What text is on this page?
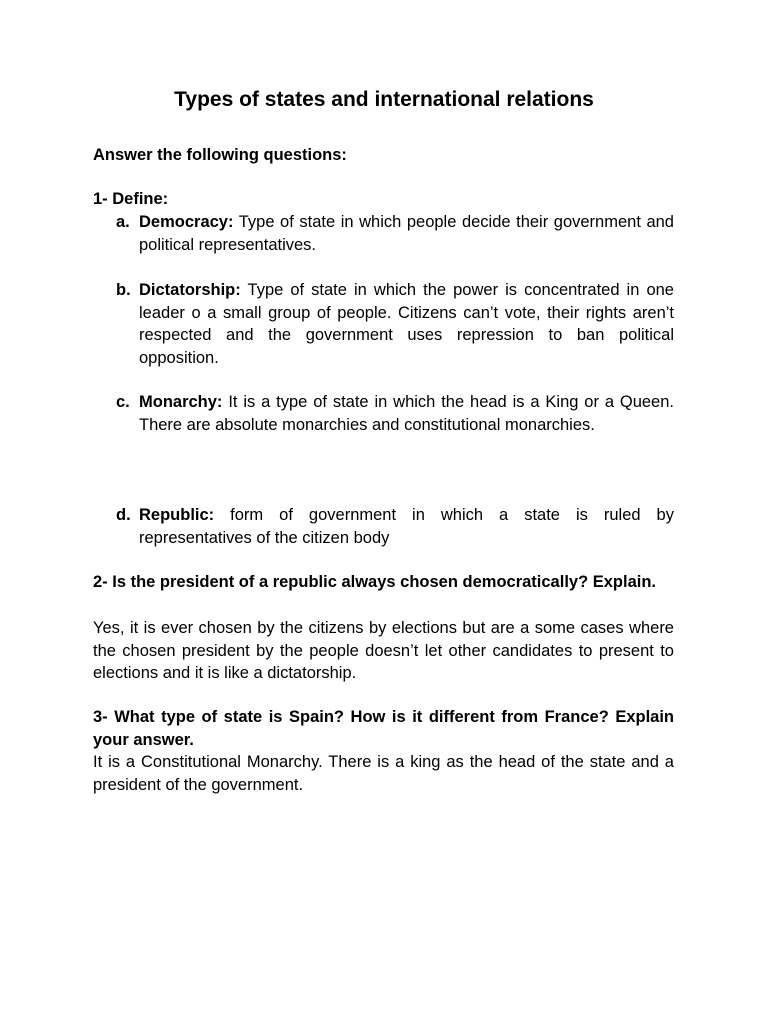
Types of states and international relations
Answer the following questions:
1- Define:
a. Democracy: Type of state in which people decide their government and political representatives.
b. Dictatorship: Type of state in which the power is concentrated in one leader o a small group of people. Citizens can’t vote, their rights aren’t respected and the government uses repression to ban political opposition.
c. Monarchy: It is a type of state in which the head is a King or a Queen. There are absolute monarchies and constitutional monarchies.
d. Republic: form of government in which a state is ruled by representatives of the citizen body
2- Is the president of a republic always chosen democratically? Explain.
Yes, it is ever chosen by the citizens by elections but are a some cases where the chosen president by the people doesn’t let other candidates to present to elections and it is like a dictatorship.
3- What type of state is Spain? How is it different from France? Explain your answer.
It is a Constitutional Monarchy. There is a king as the head of the state and a president of the government.
